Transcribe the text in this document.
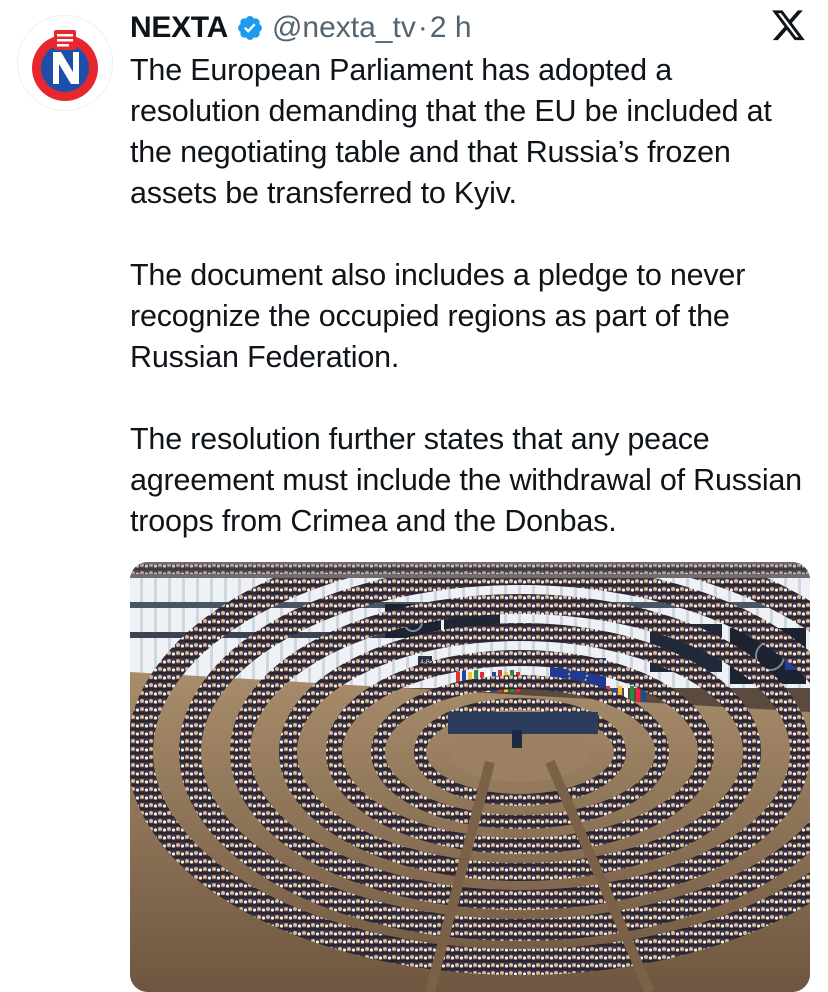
NEXTA @nexta_tv · 2 h

The European Parliament has adopted a resolution demanding that the EU be included at the negotiating table and that Russia’s frozen assets be transferred to Kyiv.

The document also includes a pledge to never recognize the occupied regions as part of the Russian Federation.

The resolution further states that any peace agreement must include the withdrawal of Russian troops from Crimea and the Donbas.

S-1
4·B
